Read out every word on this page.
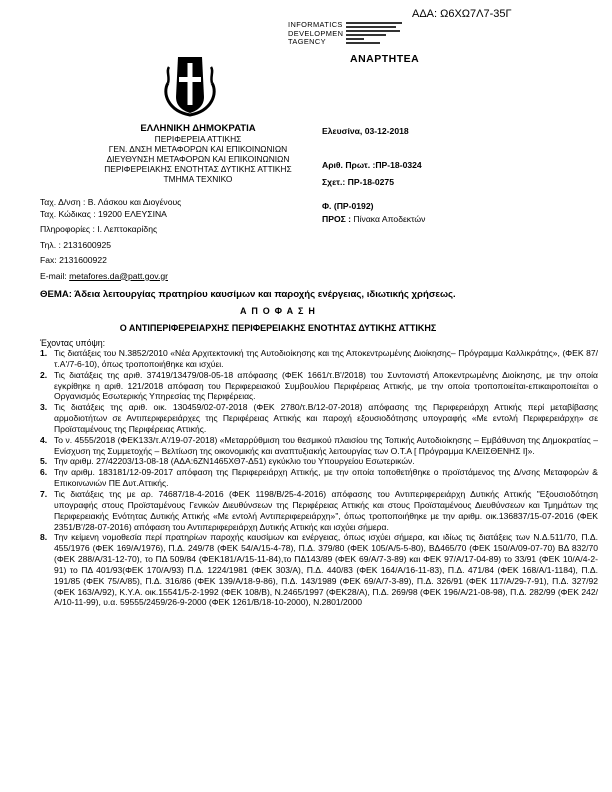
ΑΔΑ: Ω6ΧΩ7Λ7-35Γ
INFORMATICS
DEVELOPMEN
TAGENCY
ΑΝΑΡΤΗΤΕΑ
ΕΛΛΗΝΙΚΗ ΔΗΜΟΚΡΑΤΙΑ
ΠΕΡΙΦΕΡΕΙΑ ΑΤΤΙΚΗΣ
ΓΕΝ. ΔΝΣΗ ΜΕΤΑΦΟΡΩΝ ΚΑΙ ΕΠΙΚΟΙΝΩΝΙΩΝ
ΔΙΕΥΘΥΝΣΗ ΜΕΤΑΦΟΡΩΝ ΚΑΙ ΕΠΙΚΟΙΝΩΝΙΩΝ
ΠΕΡΙΦΕΡΕΙΑΚΗΣ ΕΝΟΤΗΤΑΣ ΔΥΤΙΚΗΣ ΑΤΤΙΚΗΣ
ΤΜΗΜΑ ΤΕΧΝΙΚΟ
Ταχ. Δ/νση : Β. Λάσκου και Διογένους
Ταχ. Κώδικας : 19200 ΕΛΕΥΣΙΝΑ
Πληροφορίες : Ι. Λεπτοκαρίδης
Τηλ. : 2131600925
Fax: 2131600922
E-mail: metafores.da@patt.gov.gr
Ελευσίνα, 03-12-2018
Αριθ. Πρωτ. :ΠΡ-18-0324
Σχετ.: ΠΡ-18-0275
Φ. (ΠΡ-0192)
ΠΡΟΣ : Πίνακα Αποδεκτών
ΘΕΜΑ: Άδεια λειτουργίας πρατηρίου καυσίμων και παροχής ενέργειας, ιδιωτικής χρήσεως.
Α Π Ο Φ Α Σ Η
Ο ΑΝΤΙΠΕΡΙΦΕΡΕΙΑΡΧΗΣ ΠΕΡΙΦΕΡΕΙΑΚΗΣ ΕΝΟΤΗΤΑΣ ΔΥΤΙΚΗΣ ΑΤΤΙΚΗΣ
Έχοντας υπόψη:
1. Τις διατάξεις του Ν.3852/2010 «Νέα Αρχιτεκτονική της Αυτοδιοίκησης και της Αποκεντρωμένης Διοίκησης– Πρόγραμμα Καλλικράτης», (ΦΕΚ 87/τ.Α'/7-6-10), όπως τροποποιήθηκε και ισχύει.
2. Τις διατάξεις της αριθ. 37419/13479/08-05-18 απόφασης (ΦΕΚ 1661/τ.Β'/2018) του Συντονιστή Αποκεντρωμένης Διοίκησης, με την οποία εγκρίθηκε η αριθ. 121/2018 απόφαση του Περιφερειακού Συμβουλίου Περιφέρειας Αττικής, με την οποία τροποποιείται-επικαιροποιείται ο Οργανισμός Εσωτερικής Υπηρεσίας της Περιφέρειας.
3. Τις διατάξεις της αριθ. οικ. 130459/02-07-2018 (ΦΕΚ 2780/τ.Β/12-07-2018) απόφασης της Περιφερειάρχη Αττικής περί μεταβίβασης αρμοδιοτήτων σε Αντιπεριφερειάρχες της Περιφέρειας Αττικής και παροχή εξουσιοδότησης υπογραφής «Με εντολή Περιφερειάρχη» σε Προϊσταμένους της Περιφέρειας Αττικής.
4. Το ν. 4555/2018 (ΦΕΚ133/τ.Α'/19-07-2018) «Μεταρρύθμιση του θεσμικού πλαισίου της Τοπικής Αυτοδιοίκησης – Εμβάθυνση της Δημοκρατίας – Ενίσχυση της Συμμετοχής – Βελτίωση της οικονομικής και αναπτυξιακής λειτουργίας των Ο.Τ.Α [ Πρόγραμμα ΚΛΕΙΣΘΕΝΗΣ Ι]».
5. Την αριθμ. 27/42203/13-08-18 (ΑΔΑ:6ΖΝ1465ΧΘ7-Δ51) εγκύκλιο του Υπουργείου Εσωτερικών.
6. Την αριθμ. 183181/12-09-2017 απόφαση της Περιφερειάρχη Αττικής, με την οποία τοποθετήθηκε ο προϊστάμενος της Δ/νσης Μεταφορών & Επικοινωνιών ΠΕ Δυτ.Αττικής.
7. Τις διατάξεις της με αρ. 74687/18-4-2016 (ΦΕΚ 1198/Β/25-4-2016) απόφασης του Αντιπεριφερειάρχη Δυτικής Αττικής "Εξουσιοδότηση υπογραφής στους Προϊσταμένους Γενικών Διευθύνσεων της Περιφέρειας Αττικής και στους Προϊσταμένους Διευθύνσεων και Τμημάτων της Περιφερειακής Ενότητας Δυτικής Αττικής «Με εντολή Αντιπεριφερειάρχη»", όπως τροποποιήθηκε με την αριθμ. οικ.136837/15-07-2016 (ΦΕΚ 2351/Β'/28-07-2016) απόφαση του Αντιπεριφερειάρχη Δυτικής Αττικής και ισχύει σήμερα.
8. Την κείμενη νομοθεσία περί πρατηρίων παροχής καυσίμων και ενέργειας, όπως ισχύει σήμερα, και ιδίως τις διατάξεις των Ν.Δ.511/70, Π.Δ. 455/1976 (ΦΕΚ 169/Α/1976), Π.Δ. 249/78 (ΦΕΚ 54/Α/15-4-78), Π.Δ. 379/80 (ΦΕΚ 105/Α/5-5-80), ΒΔ465/70 (ΦΕΚ 150/Α/09-07-70) ΒΔ 832/70 (ΦΕΚ 288/Α/31-12-70), το ΠΔ 509/84 (ΦΕΚ181/Α/15-11-84),το ΠΔ143/89 (ΦΕΚ 69/Α/7-3-89) και ΦΕΚ 97/Α/17-04-89) το 33/91 (ΦΕΚ 10/Α/4-2-91) το ΠΔ 401/93(ΦΕΚ 170/Α/93) Π.Δ. 1224/1981 (ΦΕΚ 303/Α), Π.Δ. 440/83 (ΦΕΚ 164/Α/16-11-83), Π.Δ. 471/84 (ΦΕΚ 168/Α/1-1184), Π.Δ. 191/85 (ΦΕΚ 75/Α/85), Π.Δ. 316/86 (ΦΕΚ 139/Α/18-9-86), Π.Δ. 143/1989 (ΦΕΚ 69/Α/7-3-89), Π.Δ. 326/91 (ΦΕΚ 117/Α/29-7-91), Π.Δ. 327/92 (ΦΕΚ 163/Α/92), Κ.Υ.Α. οικ.15541/5-2-1992 (ΦΕΚ 108/Β), Ν.2465/1997 (ΦΕΚ28/Α), Π.Δ. 269/98 (ΦΕΚ 196/Α/21-08-98), Π.Δ. 282/99 (ΦΕΚ 242/Α/10-11-99), υ.α. 59555/2459/26-9-2000 (ΦΕΚ 1261/Β/18-10-2000), Ν.2801/2000
